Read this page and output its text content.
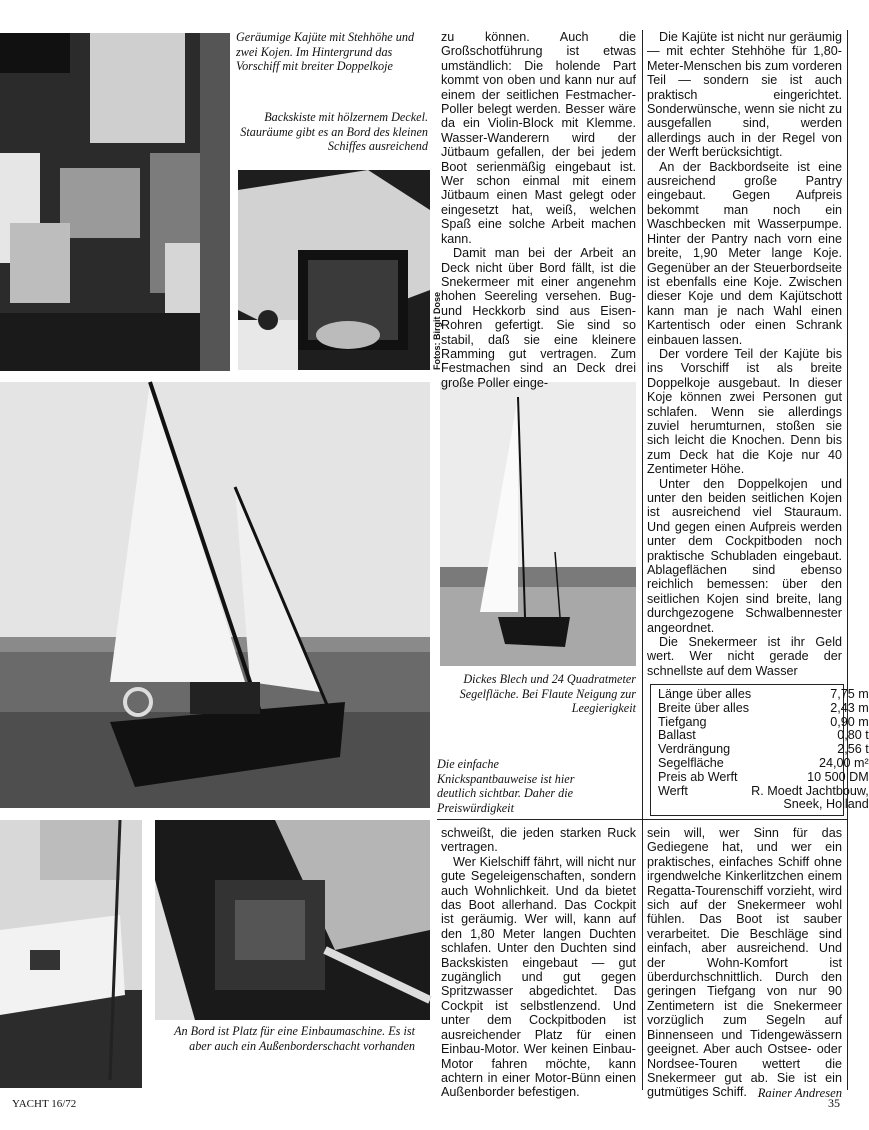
Fotos: Birgit Dose
Geräumige Kajüte mit Stehhöhe und zwei Kojen. Im Hintergrund das Vorschiff mit breiter Doppelkoje
Backskiste mit hölzernem Deckel. Stauräume gibt es an Bord des kleinen Schiffes ausreichend
Dickes Blech und 24 Quadratmeter Segelfläche. Bei Flaute Neigung zur Leegierigkeit
Die einfache Knickspantbauweise ist hier deutlich sichtbar. Daher die Preiswürdigkeit
An Bord ist Platz für eine Einbaumaschine. Es ist aber auch ein Außenborderschacht vorhanden

zu können. Auch die Großschotführung ist etwas umständlich: Die holende Part kommt von oben und kann nur auf einem der seitlichen Festmacher-Poller belegt werden. Besser wäre da ein Violin-Block mit Klemme. Wasser-Wanderern wird der Jütbaum gefallen, der bei jedem Boot serienmäßig eingebaut ist. Wer schon einmal mit einem Jütbaum einen Mast gelegt oder eingesetzt hat, weiß, welchen Spaß eine solche Arbeit machen kann.

Damit man bei der Arbeit an Deck nicht über Bord fällt, ist die Snekermeer mit einer angenehm hohen Seereling versehen. Bug- und Heckkorb sind aus Eisen-Rohren gefertigt. Sie sind so stabil, daß sie eine kleinere Ramming gut vertragen. Zum Festmachen sind an Deck drei große Poller einge-

Die Kajüte ist nicht nur geräumig — mit echter Stehhöhe für 1,80-Meter-Menschen bis zum vorderen Teil — sondern sie ist auch praktisch eingerichtet. Sonderwünsche, wenn sie nicht zu ausgefallen sind, werden allerdings auch in der Regel von der Werft berücksichtigt.

An der Backbordseite ist eine ausreichend große Pantry eingebaut. Gegen Aufpreis bekommt man noch ein Waschbecken mit Wasserpumpe. Hinter der Pantry nach vorn eine breite, 1,90 Meter lange Koje. Gegenüber an der Steuerbordseite ist ebenfalls eine Koje. Zwischen dieser Koje und dem Kajütschott kann man je nach Wahl einen Kartentisch oder einen Schrank einbauen lassen.

Der vordere Teil der Kajüte bis ins Vorschiff ist als breite Doppelkoje ausgebaut. In dieser Koje können zwei Personen gut schlafen. Wenn sie allerdings zuviel herumturnen, stoßen sie sich leicht die Knochen. Denn bis zum Deck hat die Koje nur 40 Zentimeter Höhe.

Unter den Doppelkojen und unter den beiden seitlichen Kojen ist ausreichend viel Stauraum. Und gegen einen Aufpreis werden unter dem Cockpitboden noch praktische Schubladen eingebaut. Ablageflächen sind ebenso reichlich bemessen: über den seitlichen Kojen sind breite, lang durchgezogene Schwalbennester angeordnet.

Die Snekermeer ist ihr Geld wert. Wer nicht gerade der schnellste auf dem Wasser

Länge über alles	7,75 m
Breite über alles	2,43 m
Tiefgang	0,90 m
Ballast	0,80 t
Verdrängung	2,56 t
Segelfläche	24,00 m²
Preis ab Werft	10 500 DM
Werft	R. Moedt Jachtbouw,
	Sneek, Holland

schweißt, die jeden starken Ruck vertragen.

Wer Kielschiff fährt, will nicht nur gute Segeleigenschaften, sondern auch Wohnlichkeit. Und da bietet das Boot allerhand. Das Cockpit ist geräumig. Wer will, kann auf den 1,80 Meter langen Duchten schlafen. Unter den Duchten sind Backskisten eingebaut — gut zugänglich und gut gegen Spritzwasser abgedichtet. Das Cockpit ist selbstlenzend. Und unter dem Cockpitboden ist ausreichender Platz für einen Einbau-Motor. Wer keinen Einbau-Motor fahren möchte, kann achtern in einer Motor-Bünn einen Außenborder befestigen.

sein will, wer Sinn für das Gediegene hat, und wer ein praktisches, einfaches Schiff ohne irgendwelche Kinkerlitzchen einem Regatta-Tourenschiff vorzieht, wird sich auf der Snekermeer wohl fühlen. Das Boot ist sauber verarbeitet. Die Beschläge sind einfach, aber ausreichend. Und der Wohn-Komfort ist überdurchschnittlich. Durch den geringen Tiefgang von nur 90 Zentimetern ist die Snekermeer vorzüglich zum Segeln auf Binnenseen und Tidengewässern geeignet. Aber auch Ostsee- oder Nordsee-Touren wettert die Snekermeer gut ab. Sie ist ein gutmütiges Schiff. Rainer Andresen
YACHT 16/72	35
